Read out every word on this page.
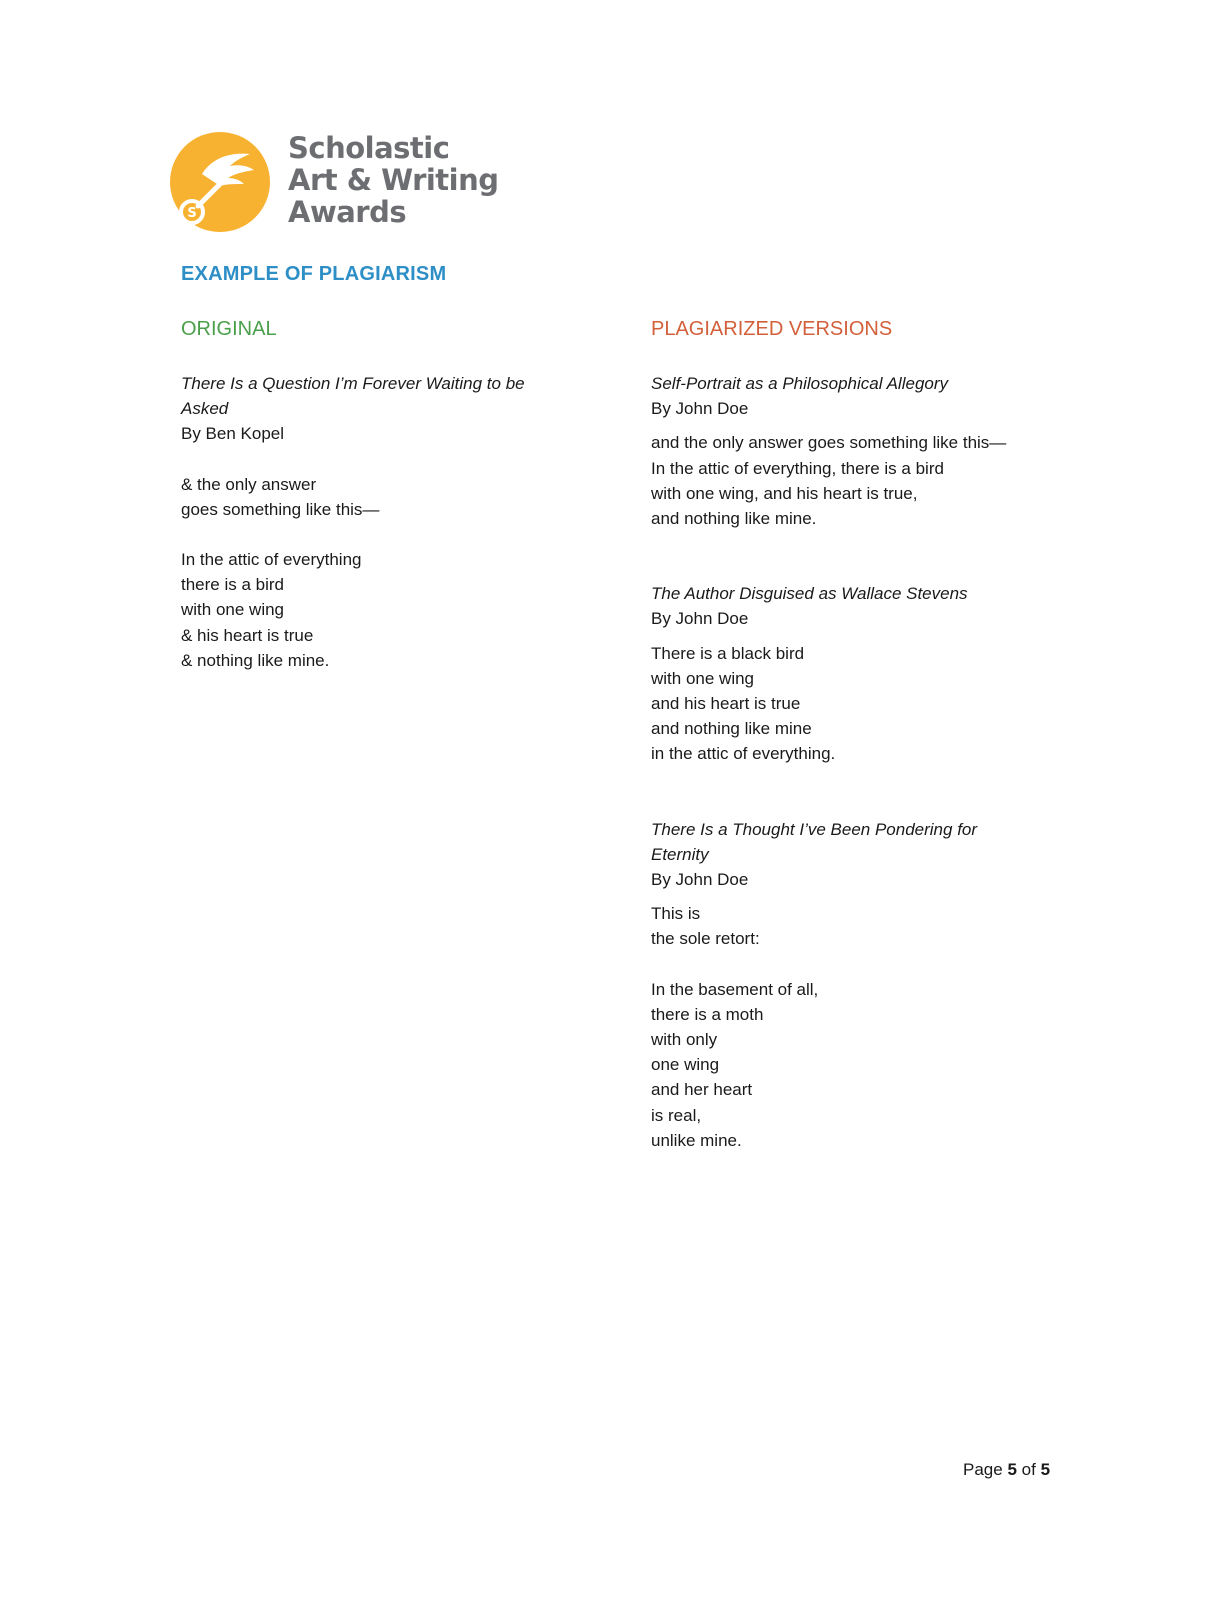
S
Scholastic
Art & Writing
Awards
EXAMPLE OF PLAGIARISM
ORIGINAL	PLAGIARIZED VERSIONS
There Is a Question I’m Forever Waiting to be
Asked
By Ben Kopel
& the only answer
goes something like this—
In the attic of everything
there is a bird
with one wing
& his heart is true
& nothing like mine.
Self-Portrait as a Philosophical Allegory
By John Doe
and the only answer goes something like this—
In the attic of everything, there is a bird
with one wing, and his heart is true,
and nothing like mine.
The Author Disguised as Wallace Stevens
By John Doe
There is a black bird
with one wing
and his heart is true
and nothing like mine
in the attic of everything.
There Is a Thought I’ve Been Pondering for
Eternity
By John Doe
This is
the sole retort:
In the basement of all,
there is a moth
with only
one wing
and her heart
is real,
unlike mine.
Page 5 of 5
